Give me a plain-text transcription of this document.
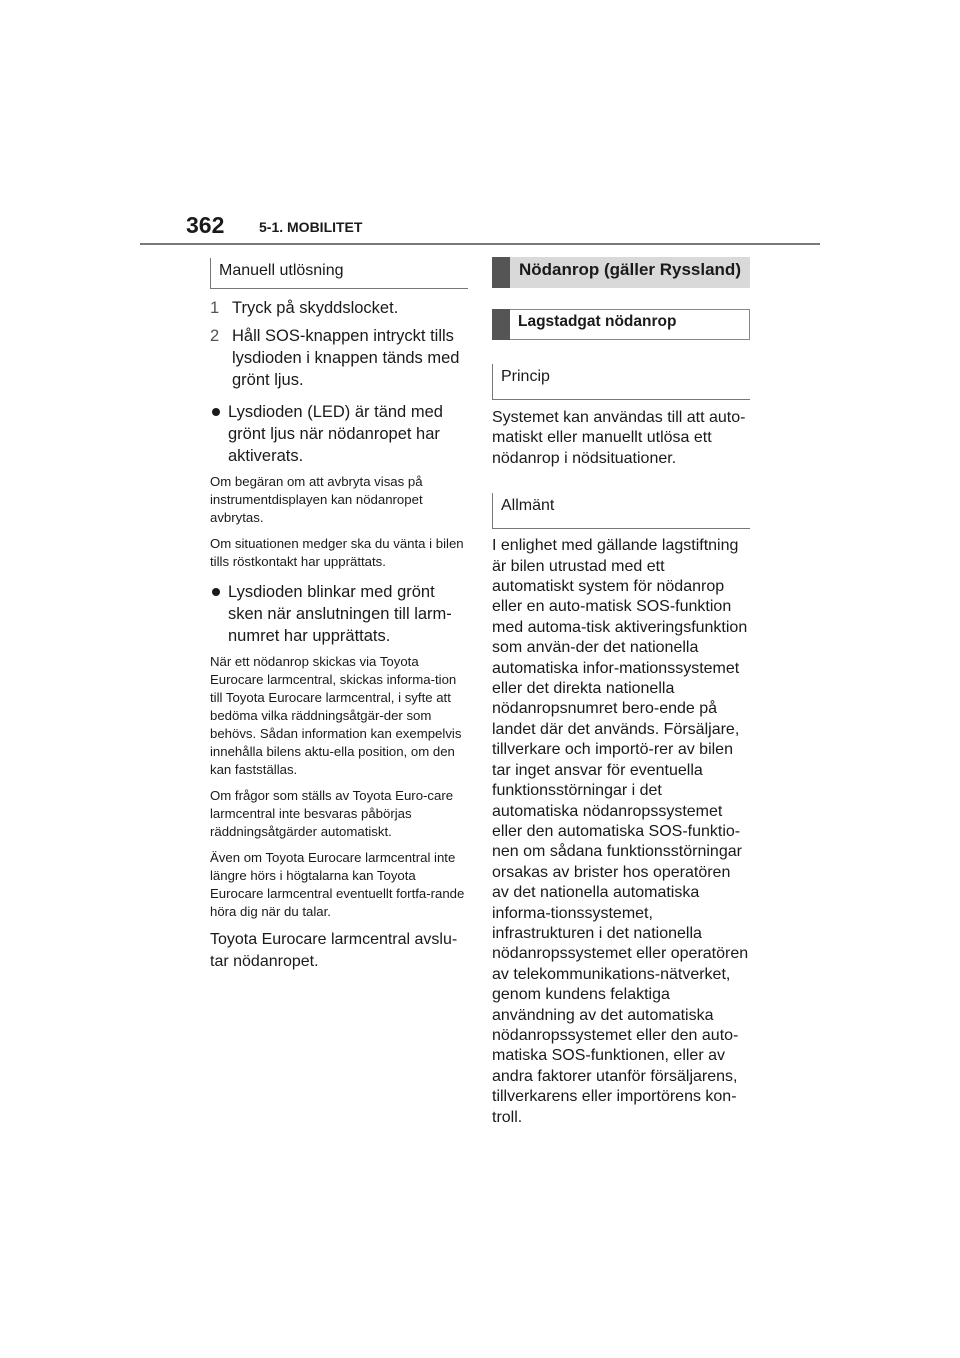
362 5-1. MOBILITET
Manuell utlösning
1 Tryck på skyddslocket.
2 Håll SOS-knappen intryckt tills lysdioden i knappen tänds med grönt ljus.
Lysdioden (LED) är tänd med grönt ljus när nödanropet har aktiverats.

Om begäran om att avbryta visas på instrumentdisplayen kan nödanropet avbrytas.

Om situationen medger ska du vänta i bilen tills röstkontakt har upprättats.

Lysdioden blinkar med grönt sken när anslutningen till larm-numret har upprättats.

När ett nödanrop skickas via Toyota Eurocare larmcentral, skickas informa-tion till Toyota Eurocare larmcentral, i syfte att bedöma vilka räddningsåtgär-der som behövs. Sådan information kan exempelvis innehålla bilens aktu-ella position, om den kan fastställas.

Om frågor som ställs av Toyota Euro-care larmcentral inte besvaras påbörjas räddningsåtgärder automatiskt.

Även om Toyota Eurocare larmcentral inte längre hörs i högtalarna kan Toyota Eurocare larmcentral eventuellt fortfa-rande höra dig när du talar.

Toyota Eurocare larmcentral avslu-tar nödanropet.
Nödanrop (gäller Ryssland)
Lagstadgat nödanrop
Princip

Systemet kan användas till att auto-matiskt eller manuellt utlösa ett nödanrop i nödsituationer.

Allmänt

I enlighet med gällande lagstiftning är bilen utrustad med ett automatiskt system för nödanrop eller en auto-matisk SOS-funktion med automa-tisk aktiveringsfunktion som använ-der det nationella automatiska infor-mationssystemet eller det direkta nationella nödanropsnumret bero-ende på landet där det används. Försäljare, tillverkare och importö-rer av bilen tar inget ansvar för eventuella funktionsstörningar i det automatiska nödanropssystemet eller den automatiska SOS-funktio-nen om sådana funktionsstörningar orsakas av brister hos operatören av det nationella automatiska informa-tionssystemet, infrastrukturen i det nationella nödanropssystemet eller operatören av telekommunikations-nätverket, genom kundens felaktiga användning av det automatiska nödanropssystemet eller den auto-matiska SOS-funktionen, eller av andra faktorer utanför försäljarens, tillverkarens eller importörens kon-troll.
